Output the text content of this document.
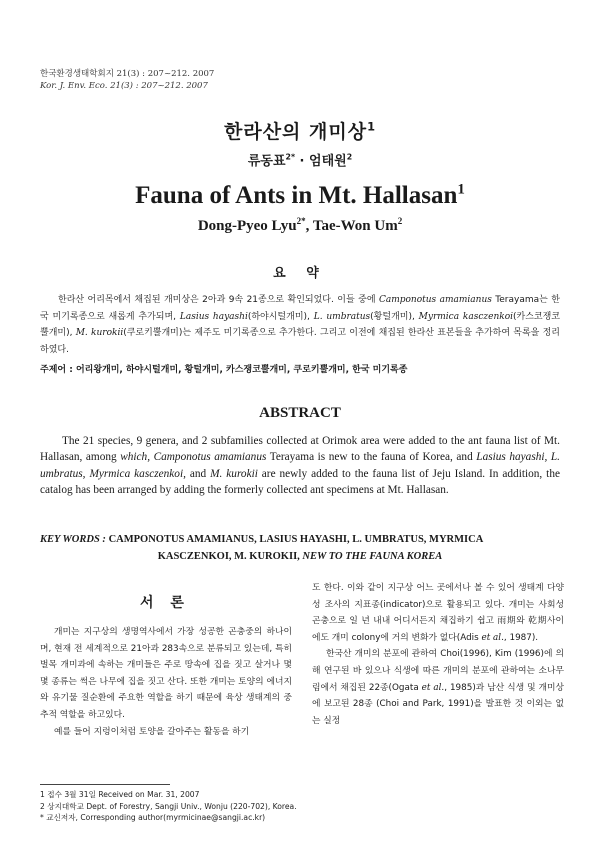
한국환경생태학회지 21(3) : 207~212. 2007
Kor. J. Env. Eco. 21(3) : 207~212. 2007
한라산의 개미상$^1$
류동표$^{2*}$ · 엄태원$^2$
Fauna of Ants in Mt. Hallasan$^1$
Dong-Pyeo Lyu$^{2*}$, Tae-Won Um$^2$
요 약
한라산 어리목에서 채집된 개미상은 2아과 9속 21종으로 확인되었다. 이들 중에 Camponotus amamianus Terayama는 한국 미기록종으로 새롭게 추가되며, Lasius hayashi(하야시털개미), L. umbratus(황털개미), Myrmica kasczenkoi(카스코쟁코뿔개미), M. kurokii(쿠로키뿔개미)는 제주도 미기록종으로 추가한다. 그리고 이전에 채집된 한라산 표본들을 추가하여 목록을 정리하였다.
주제어 : 어리왕개미, 하야시털개미, 황털개미, 카스쟁코뿔개미, 쿠로키뿔개미, 한국 미기록종
ABSTRACT
The 21 species, 9 genera, and 2 subfamilies collected at Orimok area were added to the ant fauna list of Mt. Hallasan, among which, Camponotus amamianus Terayama is new to the fauna of Korea, and Lasius hayashi, L. umbratus, Myrmica kasczenkoi, and M. kurokii are newly added to the fauna list of Jeju Island. In addition, the catalog has been arranged by adding the formerly collected ant specimens at Mt. Hallasan.
KEY WORDS : CAMPONOTUS AMAMIANUS, LASIUS HAYASHI, L. UMBRATUS, MYRMICA
KASCZENKOI, M. KUROKII, NEW TO THE FAUNA KOREA
서 론

개미는 지구상의 생명역사에서 가장 성공한 곤충중의 하나이며, 현재 전 세계적으로 21아과 283속으로 분류되고 있는데, 특히 벌목 개미과에 속하는 개미들은 주로 땅속에 집을 짓고 살거나 몇몇 종류는 썩은 나무에 집을 짓고 산다. 또한 개미는 토양의 에너지와 유기물 질순환에 주요한 역할을 하기 때문에 육상 생태계의 중추적 역할을 하고있다.

예를 들어 지렁이처럼 토양을 갈아주는 활동을 하기

도 한다. 이와 같이 지구상 어느 곳에서나 볼 수 있어 생태계 다양성 조사의 지표종(indicator)으로 활용되고 있다. 개미는 사회성 곤충으로 일 년 내내 어디서든지 채집하기 쉽고 雨期와 乾期사이에도 개미 colony에 거의 변화가 없다(Adis et al., 1987).

한국산 개미의 분포에 관하여 Choi(1996), Kim (1996)에 의해 연구된 바 있으나 식생에 따른 개미의 분포에 관하여는 소나무림에서 채집된 22종(Ogata et al., 1985)과 남산 식생 및 개미상에 보고된 28종 (Choi and Park, 1991)을 발표한 것 이외는 없는 실정

1 접수 3월 31일 Received on Mar. 31, 2007
2 상지대학교 Dept. of Forestry, Sangji Univ., Wonju (220-702), Korea.
* 교신저자, Corresponding author(myrmicinae@sangji.ac.kr)
